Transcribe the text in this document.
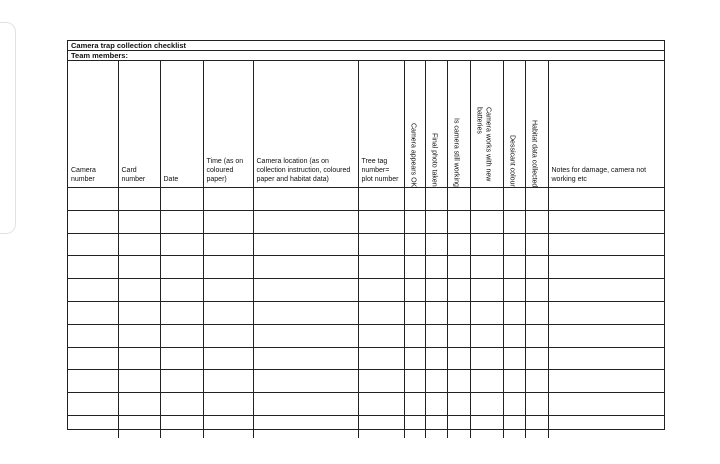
Camera trap collection checklist
Team members:
Camera number	Card number	Date	Time (as on coloured paper)	Camera location (as on collection instruction, coloured paper and habitat data)	Tree tag number= plot number	Camera appears OK	Final photo taken	Is camera still working	Camera works with new batteries	Dessicant colour	Habitat data collected	Notes for damage, camera not working etc
